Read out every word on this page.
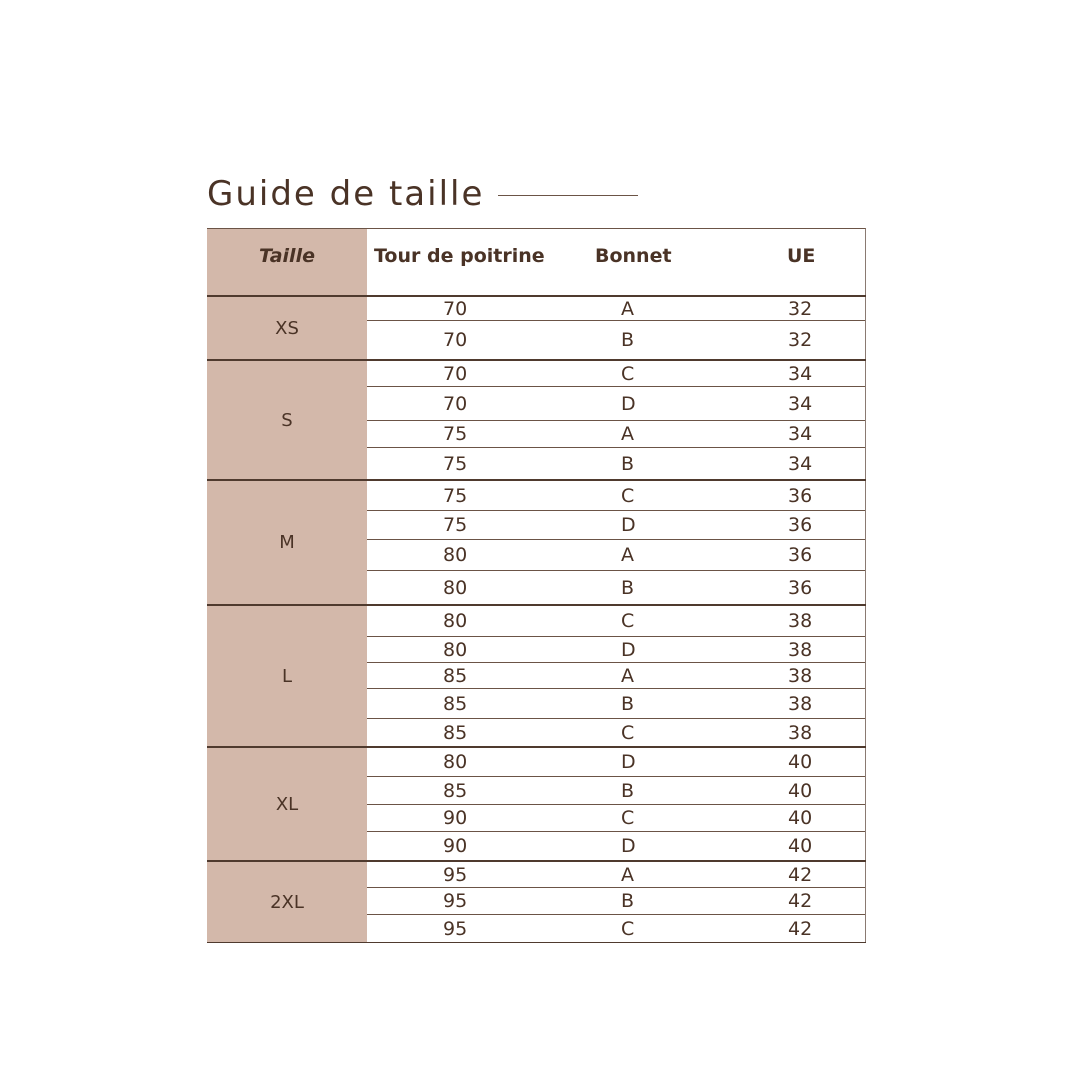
Guide de taille
Taille	Tour de poitrine	Bonnet	UE
XS
70	A	32
70	B	32
S
70	C	34
70	D	34
75	A	34
75	B	34
M
75	C	36
75	D	36
80	A	36
80	B	36
L
80	C	38
80	D	38
85	A	38
85	B	38
85	C	38
XL
80	D	40
85	B	40
90	C	40
90	D	40
2XL
95	A	42
95	B	42
95	C	42
